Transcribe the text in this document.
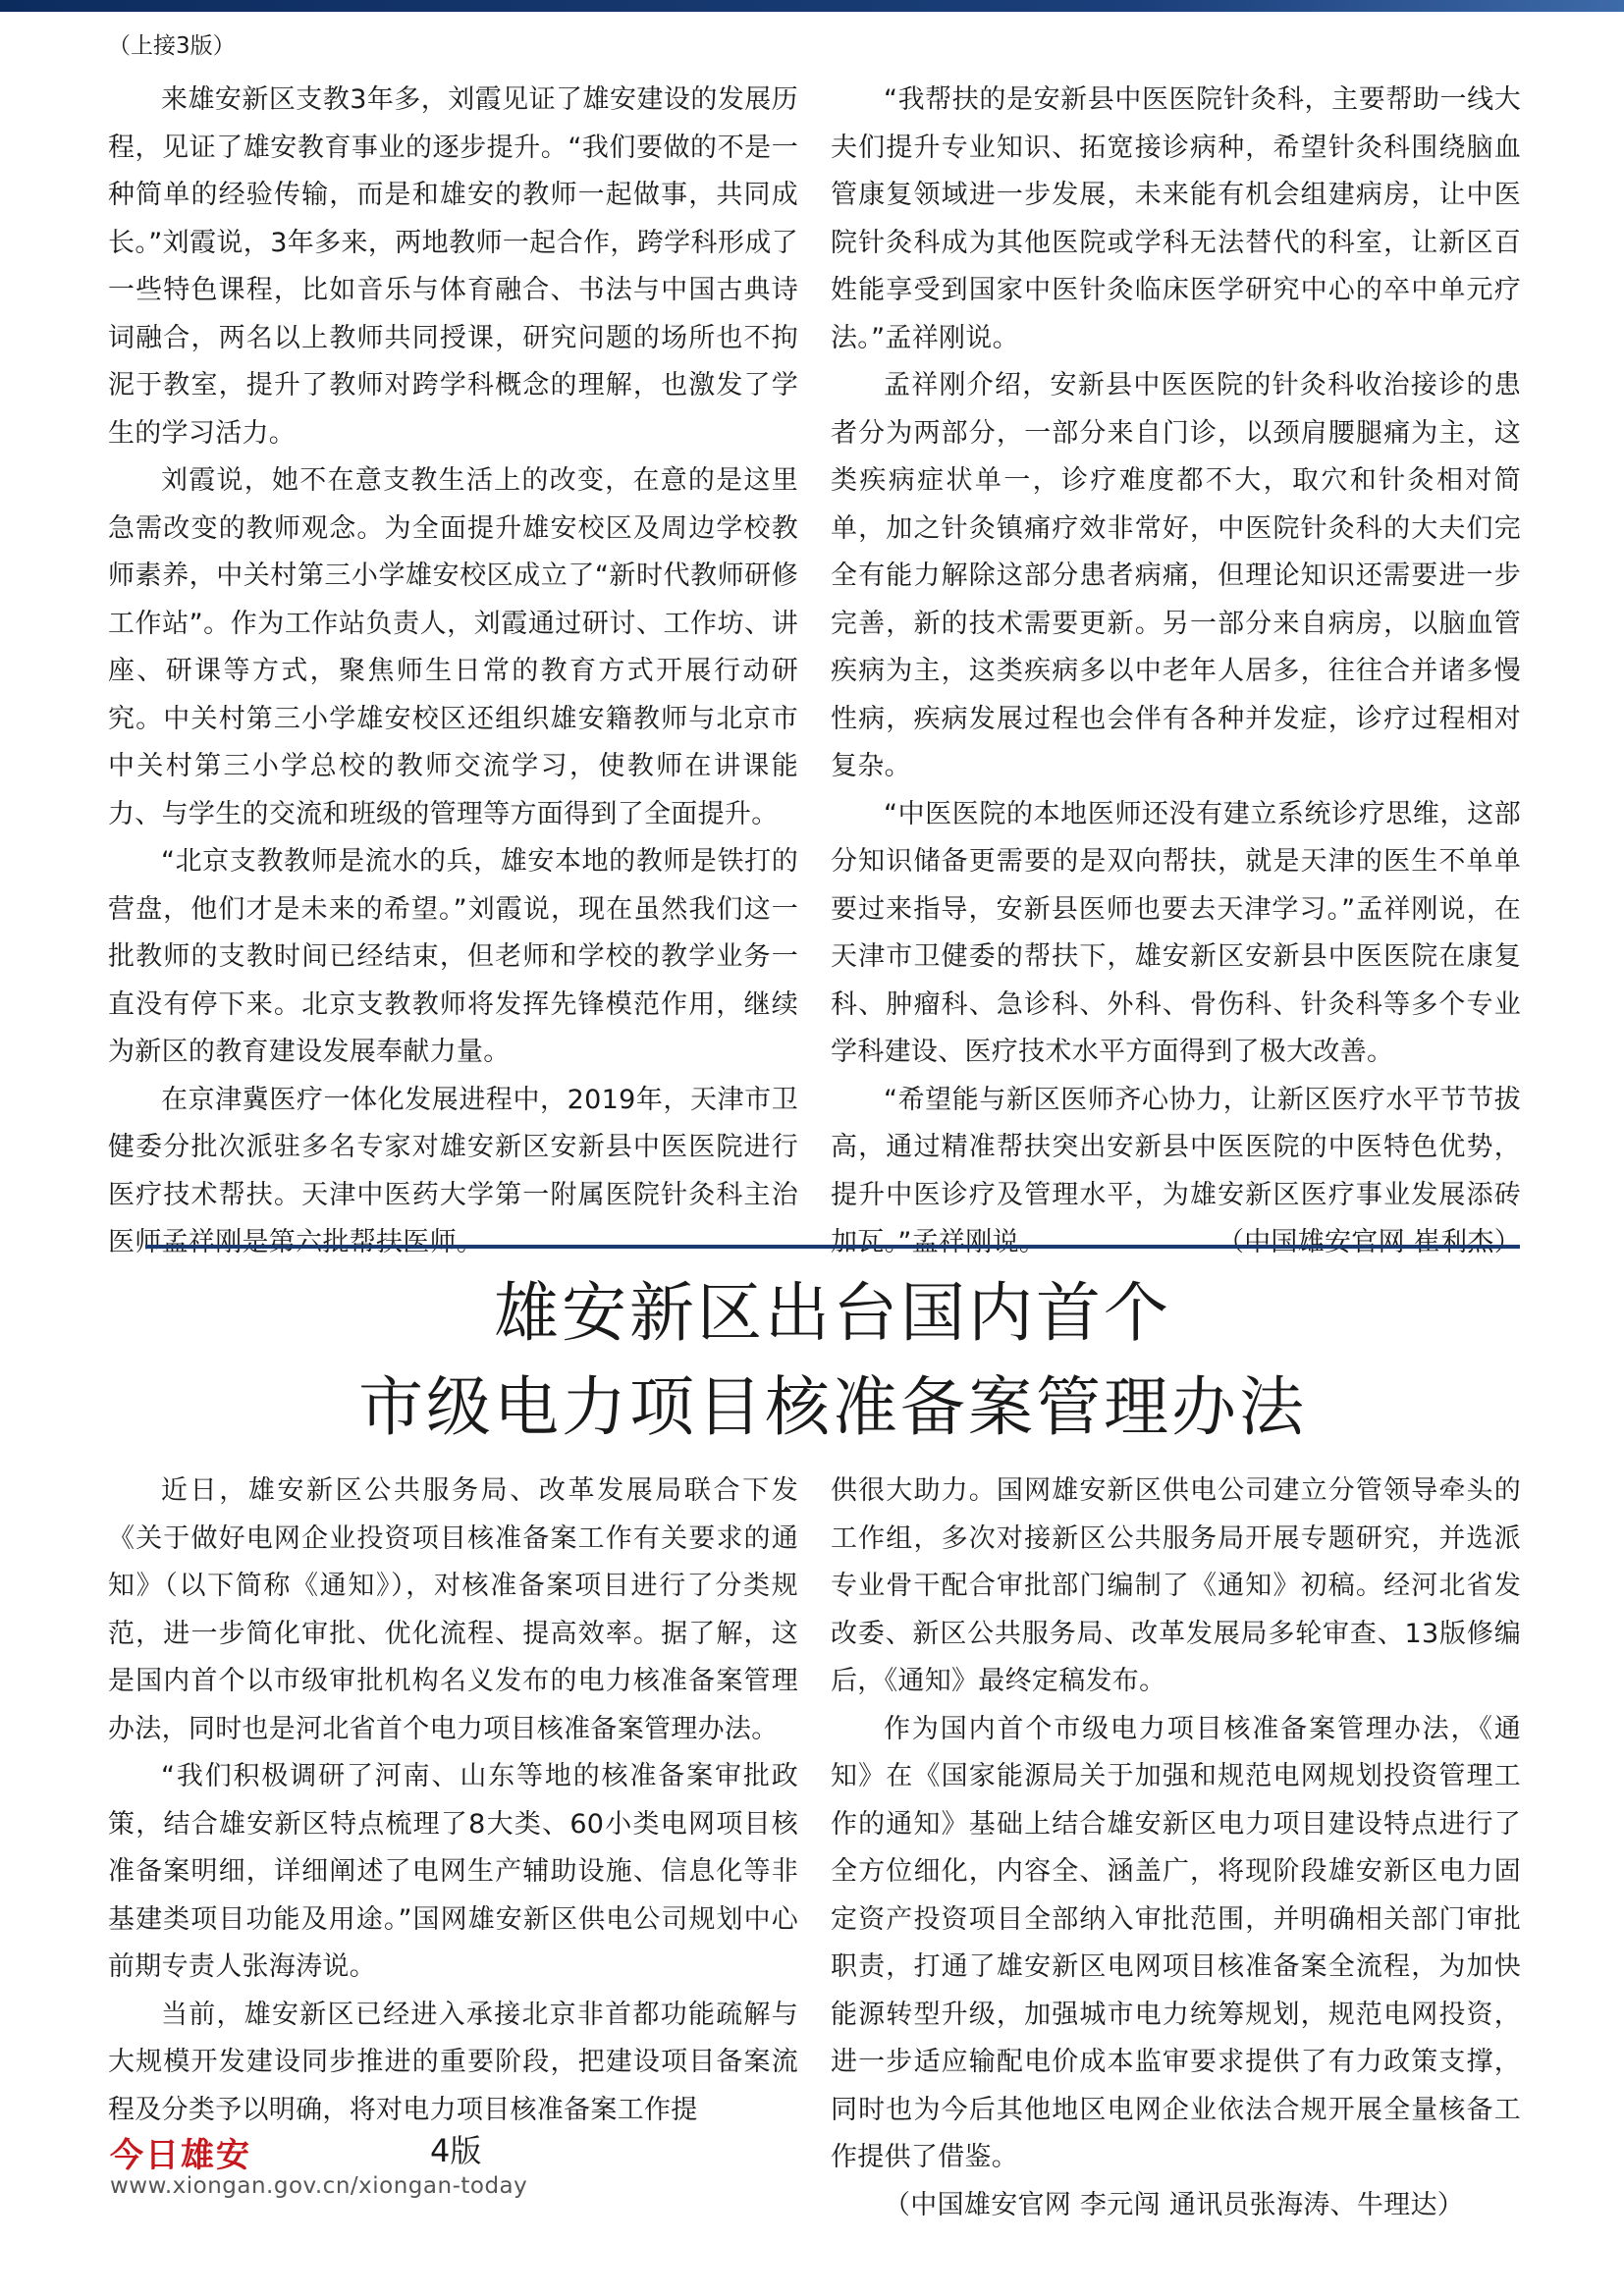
（上接3版）

来雄安新区支教3年多，刘霞见证了雄安建设的发展历程，见证了雄安教育事业的逐步提升。“我们要做的不是一种简单的经验传输，而是和雄安的教师一起做事，共同成长。”刘霞说，3年多来，两地教师一起合作，跨学科形成了一些特色课程，比如音乐与体育融合、书法与中国古典诗词融合，两名以上教师共同授课，研究问题的场所也不拘泥于教室，提升了教师对跨学科概念的理解，也激发了学生的学习活力。

刘霞说，她不在意支教生活上的改变，在意的是这里急需改变的教师观念。为全面提升雄安校区及周边学校教师素养，中关村第三小学雄安校区成立了“新时代教师研修工作站”。作为工作站负责人，刘霞通过研讨、工作坊、讲座、研课等方式，聚焦师生日常的教育方式开展行动研究。中关村第三小学雄安校区还组织雄安籍教师与北京市中关村第三小学总校的教师交流学习，使教师在讲课能力、与学生的交流和班级的管理等方面得到了全面提升。

“北京支教教师是流水的兵，雄安本地的教师是铁打的营盘，他们才是未来的希望。”刘霞说，现在虽然我们这一批教师的支教时间已经结束，但老师和学校的教学业务一直没有停下来。北京支教教师将发挥先锋模范作用，继续为新区的教育建设发展奉献力量。

在京津冀医疗一体化发展进程中，2019年，天津市卫健委分批次派驻多名专家对雄安新区安新县中医医院进行医疗技术帮扶。天津中医药大学第一附属医院针灸科主治医师孟祥刚是第六批帮扶医师。

“我帮扶的是安新县中医医院针灸科，主要帮助一线大夫们提升专业知识、拓宽接诊病种，希望针灸科围绕脑血管康复领域进一步发展，未来能有机会组建病房，让中医院针灸科成为其他医院或学科无法替代的科室，让新区百姓能享受到国家中医针灸临床医学研究中心的卒中单元疗法。”孟祥刚说。

孟祥刚介绍，安新县中医医院的针灸科收治接诊的患者分为两部分，一部分来自门诊，以颈肩腰腿痛为主，这类疾病症状单一，诊疗难度都不大，取穴和针灸相对简单，加之针灸镇痛疗效非常好，中医院针灸科的大夫们完全有能力解除这部分患者病痛，但理论知识还需要进一步完善，新的技术需要更新。另一部分来自病房，以脑血管疾病为主，这类疾病多以中老年人居多，往往合并诸多慢性病，疾病发展过程也会伴有各种并发症，诊疗过程相对复杂。

“中医医院的本地医师还没有建立系统诊疗思维，这部分知识储备更需要的是双向帮扶，就是天津的医生不单单要过来指导，安新县医师也要去天津学习。”孟祥刚说，在天津市卫健委的帮扶下，雄安新区安新县中医医院在康复科、肿瘤科、急诊科、外科、骨伤科、针灸科等多个专业学科建设、医疗技术水平方面得到了极大改善。

“希望能与新区医师齐心协力，让新区医疗水平节节拔高，通过精准帮扶突出安新县中医医院的中医特色优势，提升中医诊疗及管理水平，为雄安新区医疗事业发展添砖加瓦。”孟祥刚说。	（中国雄安官网 崔利杰）

雄安新区出台国内首个
市级电力项目核准备案管理办法

近日，雄安新区公共服务局、改革发展局联合下发《关于做好电网企业投资项目核准备案工作有关要求的通知》（以下简称《通知》），对核准备案项目进行了分类规范，进一步简化审批、优化流程、提高效率。据了解，这是国内首个以市级审批机构名义发布的电力核准备案管理办法，同时也是河北省首个电力项目核准备案管理办法。

“我们积极调研了河南、山东等地的核准备案审批政策，结合雄安新区特点梳理了8大类、60小类电网项目核准备案明细，详细阐述了电网生产辅助设施、信息化等非基建类项目功能及用途。”国网雄安新区供电公司规划中心前期专责人张海涛说。

当前，雄安新区已经进入承接北京非首都功能疏解与大规模开发建设同步推进的重要阶段，把建设项目备案流程及分类予以明确，将对电力项目核准备案工作提

供很大助力。国网雄安新区供电公司建立分管领导牵头的工作组，多次对接新区公共服务局开展专题研究，并选派专业骨干配合审批部门编制了《通知》初稿。经河北省发改委、新区公共服务局、改革发展局多轮审查、13版修编后，《通知》最终定稿发布。

作为国内首个市级电力项目核准备案管理办法，《通知》在《国家能源局关于加强和规范电网规划投资管理工作的通知》基础上结合雄安新区电力项目建设特点进行了全方位细化，内容全、涵盖广，将现阶段雄安新区电力固定资产投资项目全部纳入审批范围，并明确相关部门审批职责，打通了雄安新区电网项目核准备案全流程，为加快能源转型升级，加强城市电力统筹规划，规范电网投资，进一步适应输配电价成本监审要求提供了有力政策支撑，同时也为今后其他地区电网企业依法合规开展全量核备工作提供了借鉴。

（中国雄安官网 李元闯 通讯员张海涛、牛理达）

今日雄安	4版
www.xiongan.gov.cn/xiongan-today
